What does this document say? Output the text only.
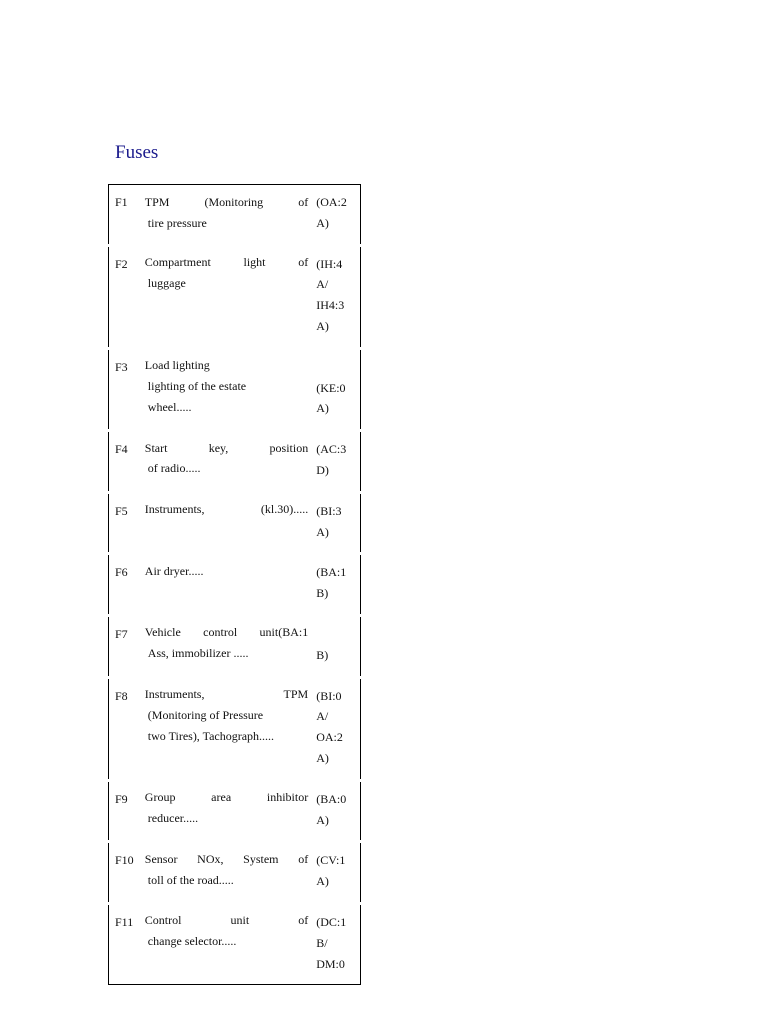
Fuses
F1	TPM (Monitoring of
tire pressure	(OA:2
A)

F2	Compartment light of
luggage	(IH:4
A/
IH4:3
A)

F3	Load lighting
lighting of the estate
wheel.....	(KE:0
A)

F4	Start key, position
of radio.....	(AC:3
D)

F5	Instruments, (kl.30).....	(BI:3
A)

F6	Air dryer.....	(BA:1
B)

F7	Vehicle control unit(BA:1
Ass, immobilizer .....	B)

F8	Instruments, TPM
(Monitoring of Pressure
two Tires), Tachograph.....	(BI:0
A/
OA:2
A)

F9	Group area inhibitor
reducer.....	(BA:0
A)

F10	Sensor NOx, System of
toll of the road.....	(CV:1
A)

F11	Control unit of
change selector.....	(DC:1
B/
DM:0
